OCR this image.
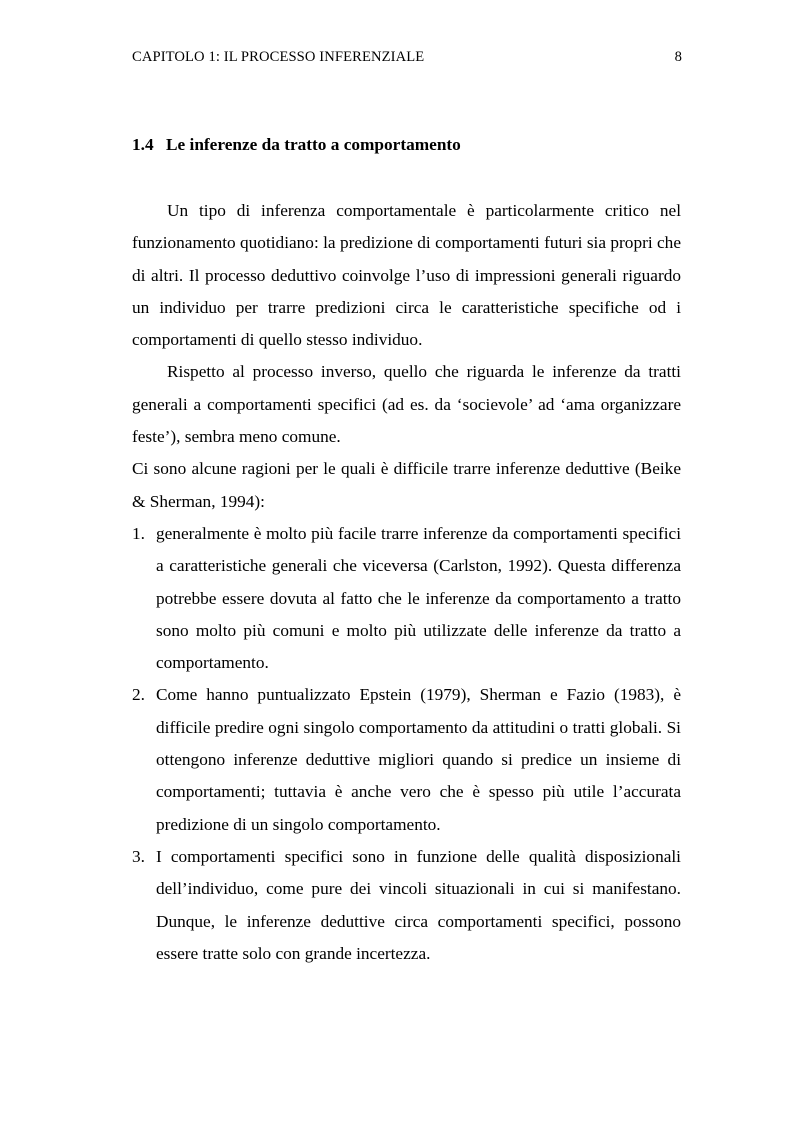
CAPITOLO 1: IL PROCESSO INFERENZIALE	8
1.4 Le inferenze da tratto a comportamento

Un tipo di inferenza comportamentale è particolarmente critico nel funzionamento quotidiano: la predizione di comportamenti futuri sia propri che di altri. Il processo deduttivo coinvolge l’uso di impressioni generali riguardo un individuo per trarre predizioni circa le caratteristiche specifiche od i comportamenti di quello stesso individuo.

Rispetto al processo inverso, quello che riguarda le inferenze da tratti generali a comportamenti specifici (ad es. da ‘socievole’ ad ‘ama organizzare feste’), sembra meno comune.

Ci sono alcune ragioni per le quali è difficile trarre inferenze deduttive (Beike & Sherman, 1994):

1. generalmente è molto più facile trarre inferenze da comportamenti specifici a caratteristiche generali che viceversa (Carlston, 1992). Questa differenza potrebbe essere dovuta al fatto che le inferenze da comportamento a tratto sono molto più comuni e molto più utilizzate delle inferenze da tratto a comportamento.
2. Come hanno puntualizzato Epstein (1979), Sherman e Fazio (1983), è difficile predire ogni singolo comportamento da attitudini o tratti globali. Si ottengono inferenze deduttive migliori quando si predice un insieme di comportamenti; tuttavia è anche vero che è spesso più utile l’accurata predizione di un singolo comportamento.
3. I comportamenti specifici sono in funzione delle qualità disposizionali dell’individuo, come pure dei vincoli situazionali in cui si manifestano. Dunque, le inferenze deduttive circa comportamenti specifici, possono essere tratte solo con grande incertezza.
